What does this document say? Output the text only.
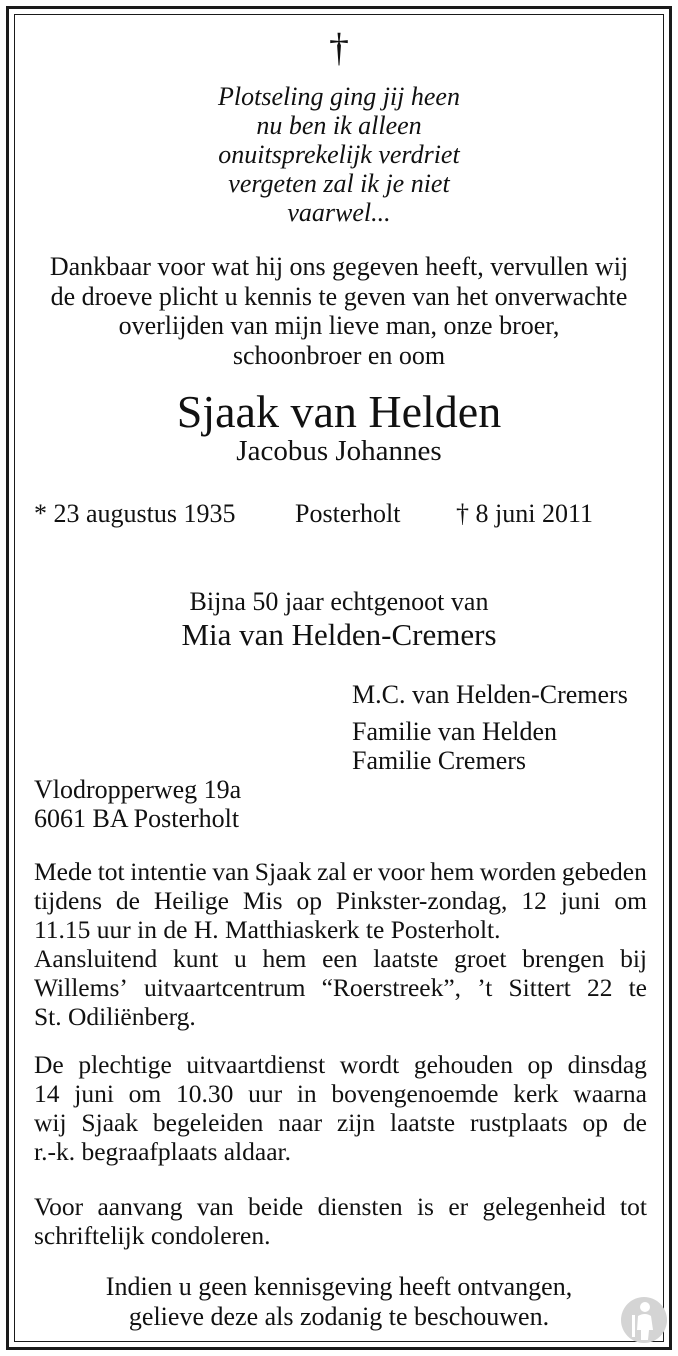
†
Plotseling ging jij heen
nu ben ik alleen
onuitsprekelijk verdriet
vergeten zal ik je niet
vaarwel...
Dankbaar voor wat hij ons gegeven heeft, vervullen wij
de droeve plicht u kennis te geven van het onverwachte
overlijden van mijn lieve man, onze broer,
schoonbroer en oom
Sjaak van Helden
Jacobus Johannes
* 23 augustus 1935 Posterholt † 8 juni 2011
Bijna 50 jaar echtgenoot van
Mia van Helden-Cremers
M.C. van Helden-Cremers
Familie van Helden
Familie Cremers
Vlodropperweg 19a
6061 BA Posterholt
Mede tot intentie van Sjaak zal er voor hem worden gebeden
tijdens de Heilige Mis op Pinkster-zondag, 12 juni om
11.15 uur in de H. Matthiaskerk te Posterholt.
Aansluitend kunt u hem een laatste groet brengen bij
Willems’ uitvaartcentrum “Roerstreek”, ’t Sittert 22 te
St. Odiliënberg.
De plechtige uitvaartdienst wordt gehouden op dinsdag
14 juni om 10.30 uur in bovengenoemde kerk waarna
wij Sjaak begeleiden naar zijn laatste rustplaats op de
r.-k. begraafplaats aldaar.
Voor aanvang van beide diensten is er gelegenheid tot
schriftelijk condoleren.
Indien u geen kennisgeving heeft ontvangen,
gelieve deze als zodanig te beschouwen.
